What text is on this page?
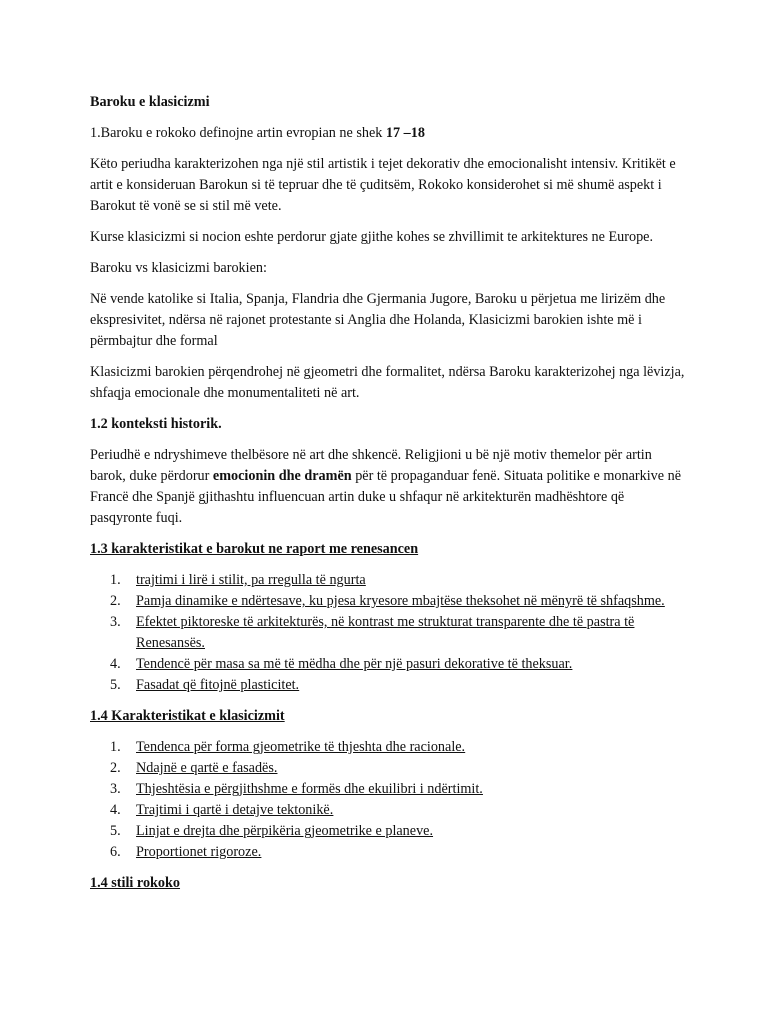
Baroku e klasicizmi

1.Baroku e rokoko definojne artin evropian ne shek 17 –18

Këto periudha karakterizohen nga një stil artistik i tejet dekorativ dhe emocionalisht intensiv. Kritikët e artit e konsideruan Barokun si të tepruar dhe të çuditsëm, Rokoko konsiderohet si më shumë aspekt i Barokut të vonë se si stil më vete.

Kurse klasicizmi si nocion eshte perdorur gjate gjithe kohes se zhvillimit te arkitektures ne Europe.

Baroku vs klasicizmi barokien:

Në vende katolike si Italia, Spanja, Flandria dhe Gjermania Jugore, Baroku u përjetua me lirizëm dhe ekspresivitet, ndërsa në rajonet protestante si Anglia dhe Holanda, Klasicizmi barokien ishte më i përmbajtur dhe formal

Klasicizmi barokien përqendrohej në gjeometri dhe formalitet, ndërsa Baroku karakterizohej nga lëvizja, shfaqja emocionale dhe monumentaliteti në art.

1.2 konteksti historik.

Periudhë e ndryshimeve thelbësore në art dhe shkencë. Religjioni u bë një motiv themelor për artin barok, duke përdorur emocionin dhe dramën për të propaganduar fenë. Situata politike e monarkive në Francë dhe Spanjë gjithashtu influencuan artin duke u shfaqur në arkitekturën madhështore që pasqyronte fuqi.

1.3 karakteristikat e barokut ne raport me renesancen

1. trajtimi i lirë i stilit, pa rregulla të ngurta
2. Pamja dinamike e ndërtesave, ku pjesa kryesore mbajtëse theksohet në mënyrë të shfaqshme.
3. Efektet piktoreske të arkitekturës, në kontrast me strukturat transparente dhe të pastra të Renesansës.
4. Tendencë për masa sa më të mëdha dhe për një pasuri dekorative të theksuar.
5. Fasadat që fitojnë plasticitet.

1.4 Karakteristikat e klasicizmit

1. Tendenca për forma gjeometrike të thjeshta dhe racionale.
2. Ndajnë e qartë e fasadës.
3. Thjeshtësia e përgjithshme e formës dhe ekuilibri i ndërtimit.
4. Trajtimi i qartë i detajve tektonikë.
5. Linjat e drejta dhe përpikëria gjeometrike e planeve.
6. Proportionet rigoroze.

1.4 stili rokoko
